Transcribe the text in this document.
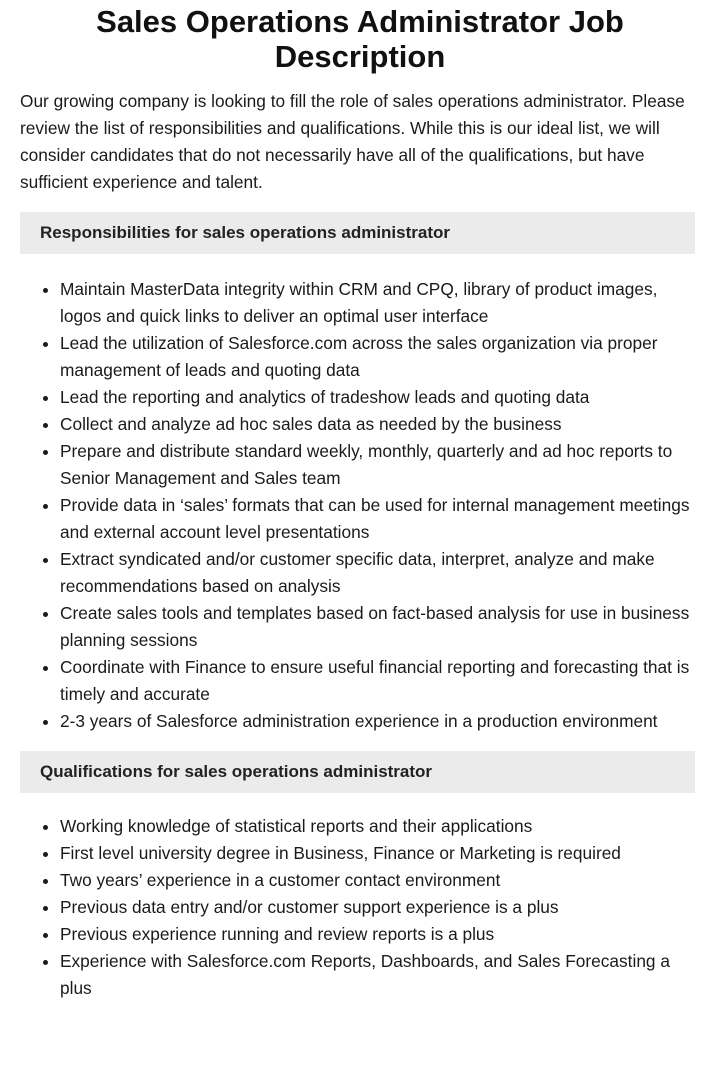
Sales Operations Administrator Job Description

Our growing company is looking to fill the role of sales operations administrator. Please review the list of responsibilities and qualifications. While this is our ideal list, we will consider candidates that do not necessarily have all of the qualifications, but have sufficient experience and talent.

Responsibilities for sales operations administrator
• Maintain MasterData integrity within CRM and CPQ, library of product images, logos and quick links to deliver an optimal user interface
• Lead the utilization of Salesforce.com across the sales organization via proper management of leads and quoting data
• Lead the reporting and analytics of tradeshow leads and quoting data
• Collect and analyze ad hoc sales data as needed by the business
• Prepare and distribute standard weekly, monthly, quarterly and ad hoc reports to Senior Management and Sales team
• Provide data in ‘sales’ formats that can be used for internal management meetings and external account level presentations
• Extract syndicated and/or customer specific data, interpret, analyze and make recommendations based on analysis
• Create sales tools and templates based on fact-based analysis for use in business planning sessions
• Coordinate with Finance to ensure useful financial reporting and forecasting that is timely and accurate
• 2-3 years of Salesforce administration experience in a production environment
Qualifications for sales operations administrator
• Working knowledge of statistical reports and their applications
• First level university degree in Business, Finance or Marketing is required
• Two years’ experience in a customer contact environment
• Previous data entry and/or customer support experience is a plus
• Previous experience running and review reports is a plus
• Experience with Salesforce.com Reports, Dashboards, and Sales Forecasting a plus
